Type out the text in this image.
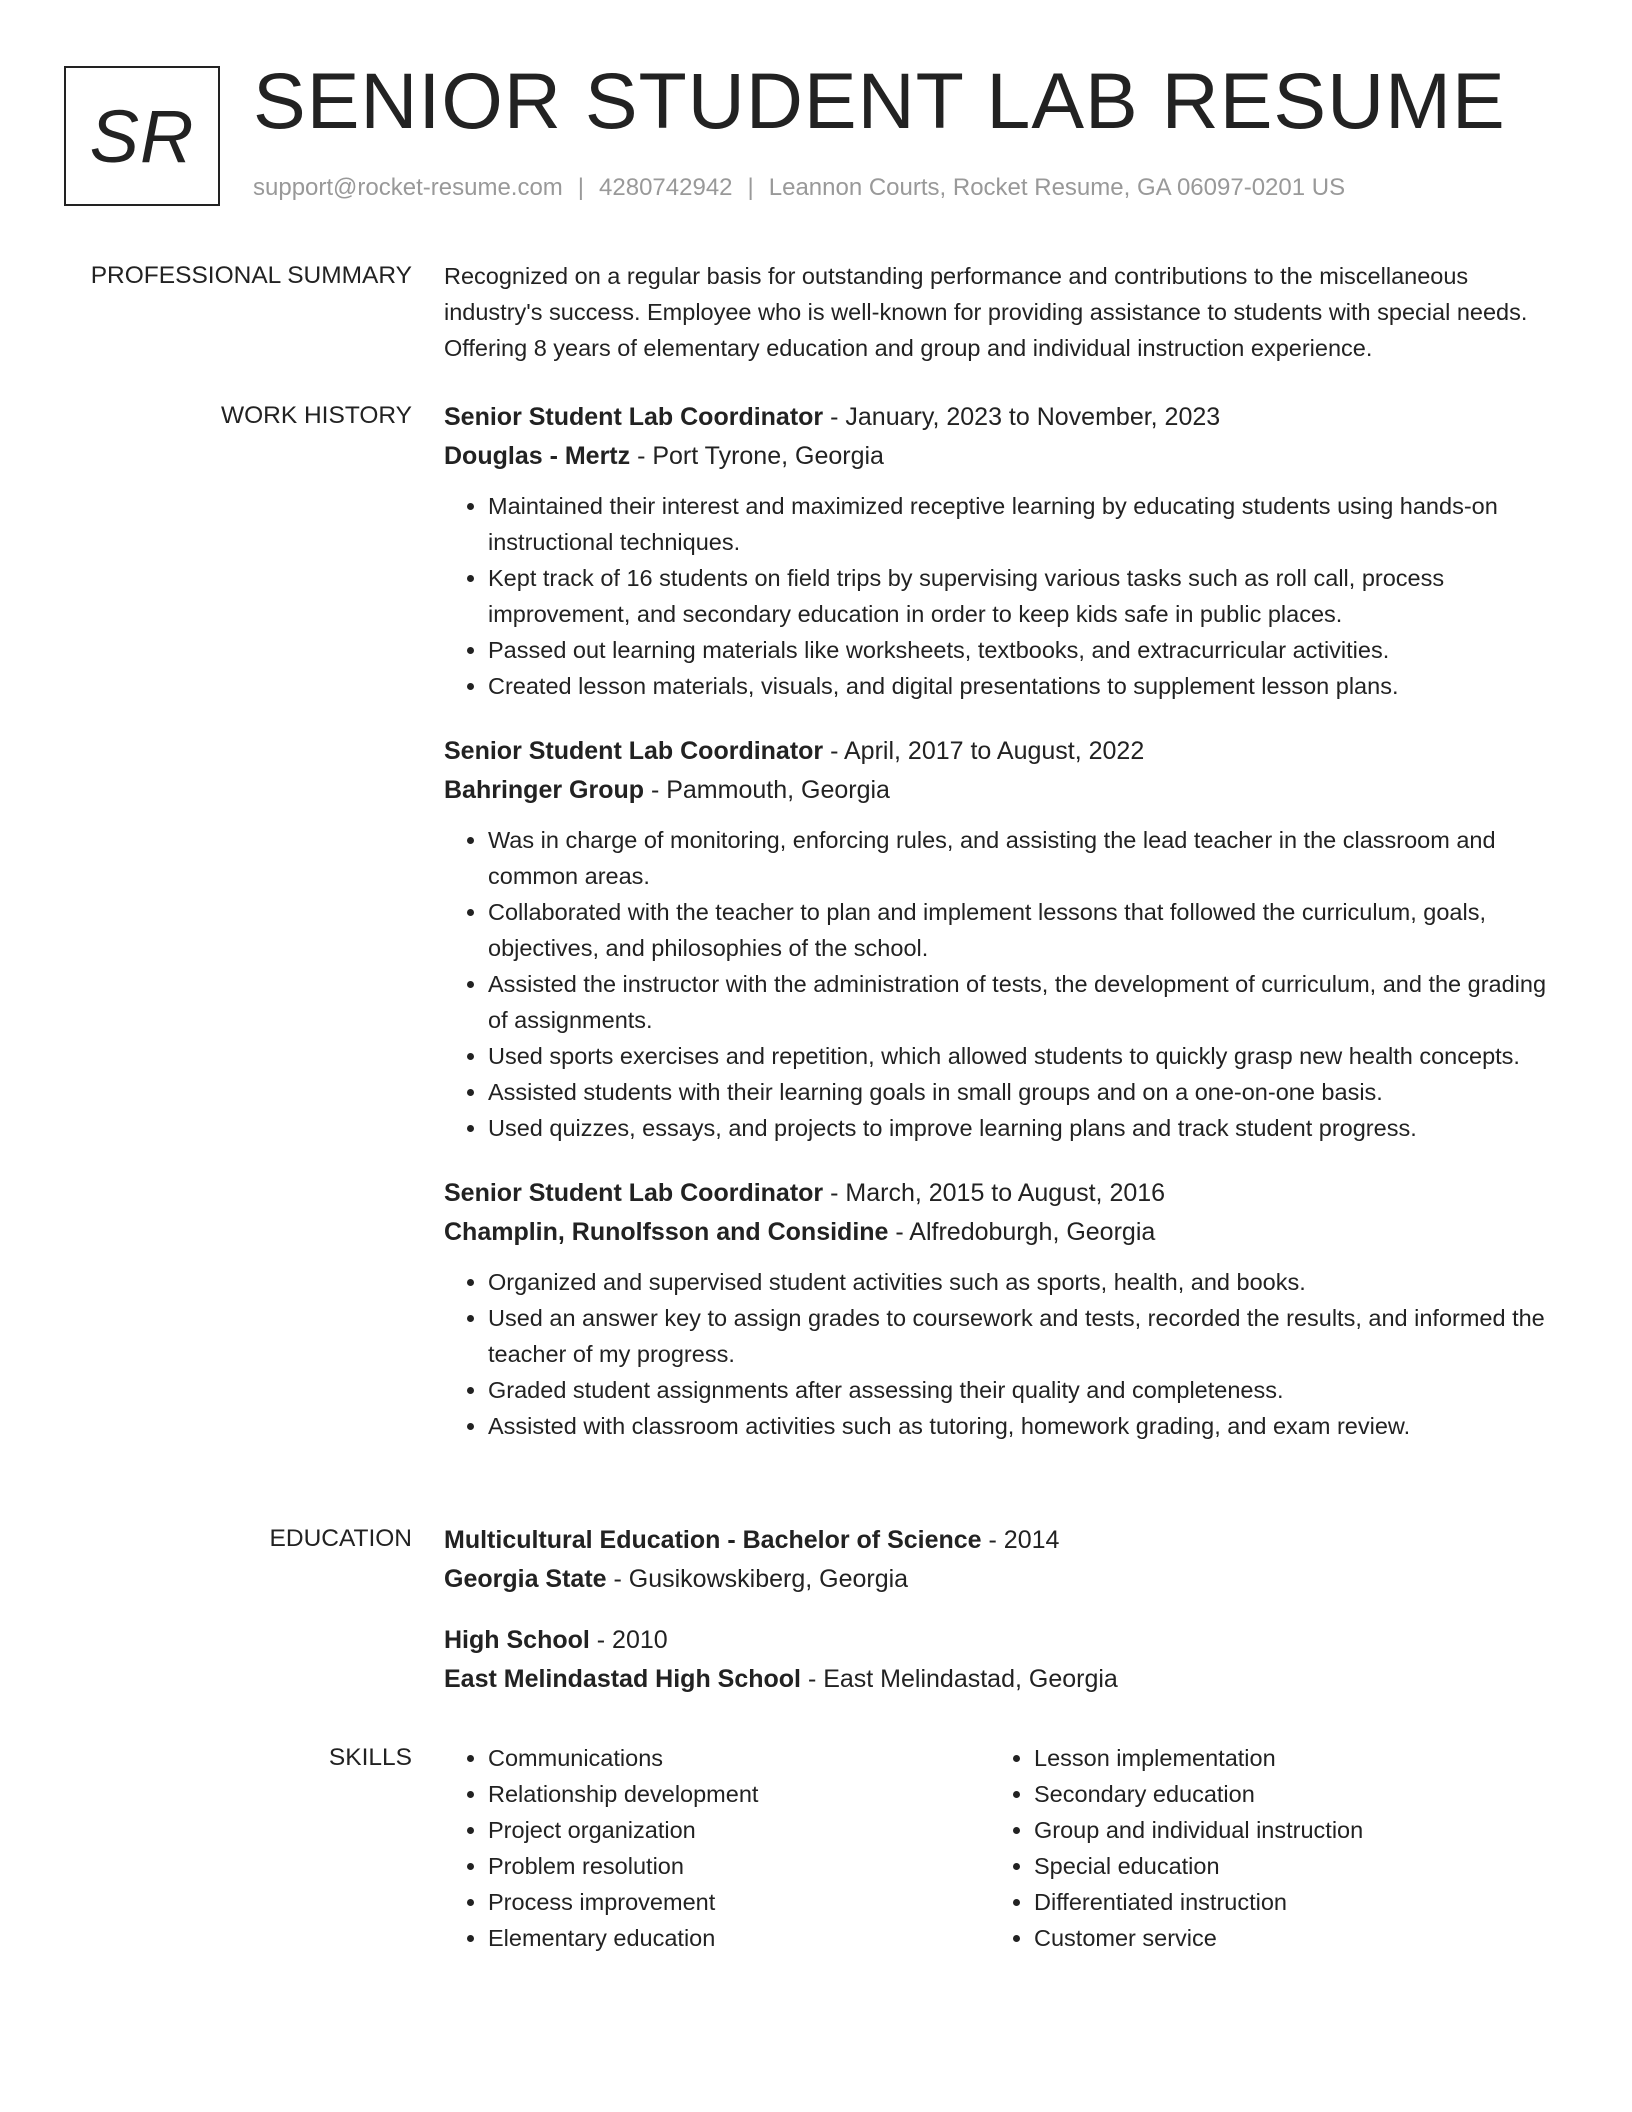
SR SENIOR STUDENT LAB RESUME
support@rocket-resume.com | 4280742942 | Leannon Courts, Rocket Resume, GA 06097-0201 US
PROFESSIONAL SUMMARY Recognized on a regular basis for outstanding performance and contributions to the miscellaneous industry's success. Employee who is well-known for providing assistance to students with special needs. Offering 8 years of elementary education and group and individual instruction experience.

WORK HISTORY Senior Student Lab Coordinator - January, 2023 to November, 2023
Douglas - Mertz - Port Tyrone, Georgia
• Maintained their interest and maximized receptive learning by educating students using hands-on instructional techniques.
• Kept track of 16 students on field trips by supervising various tasks such as roll call, process improvement, and secondary education in order to keep kids safe in public places.
• Passed out learning materials like worksheets, textbooks, and extracurricular activities.
• Created lesson materials, visuals, and digital presentations to supplement lesson plans.
Senior Student Lab Coordinator - April, 2017 to August, 2022
Bahringer Group - Pammouth, Georgia
• Was in charge of monitoring, enforcing rules, and assisting the lead teacher in the classroom and common areas.
• Collaborated with the teacher to plan and implement lessons that followed the curriculum, goals, objectives, and philosophies of the school.
• Assisted the instructor with the administration of tests, the development of curriculum, and the grading of assignments.
• Used sports exercises and repetition, which allowed students to quickly grasp new health concepts.
• Assisted students with their learning goals in small groups and on a one-on-one basis.
• Used quizzes, essays, and projects to improve learning plans and track student progress.
Senior Student Lab Coordinator - March, 2015 to August, 2016
Champlin, Runolfsson and Considine - Alfredoburgh, Georgia
• Organized and supervised student activities such as sports, health, and books.
• Used an answer key to assign grades to coursework and tests, recorded the results, and informed the teacher of my progress.
• Graded student assignments after assessing their quality and completeness.
• Assisted with classroom activities such as tutoring, homework grading, and exam review.
EDUCATION Multicultural Education - Bachelor of Science - 2014
Georgia State - Gusikowskiberg, Georgia
High School - 2010
East Melindastad High School - East Melindastad, Georgia
SKILLS
•	Communications
• Relationship development
• Project organization
• Problem resolution
• Process improvement
• Elementary education
• Lesson implementation
• Secondary education
• Group and individual instruction
• Special education
• Differentiated instruction
• Customer service
